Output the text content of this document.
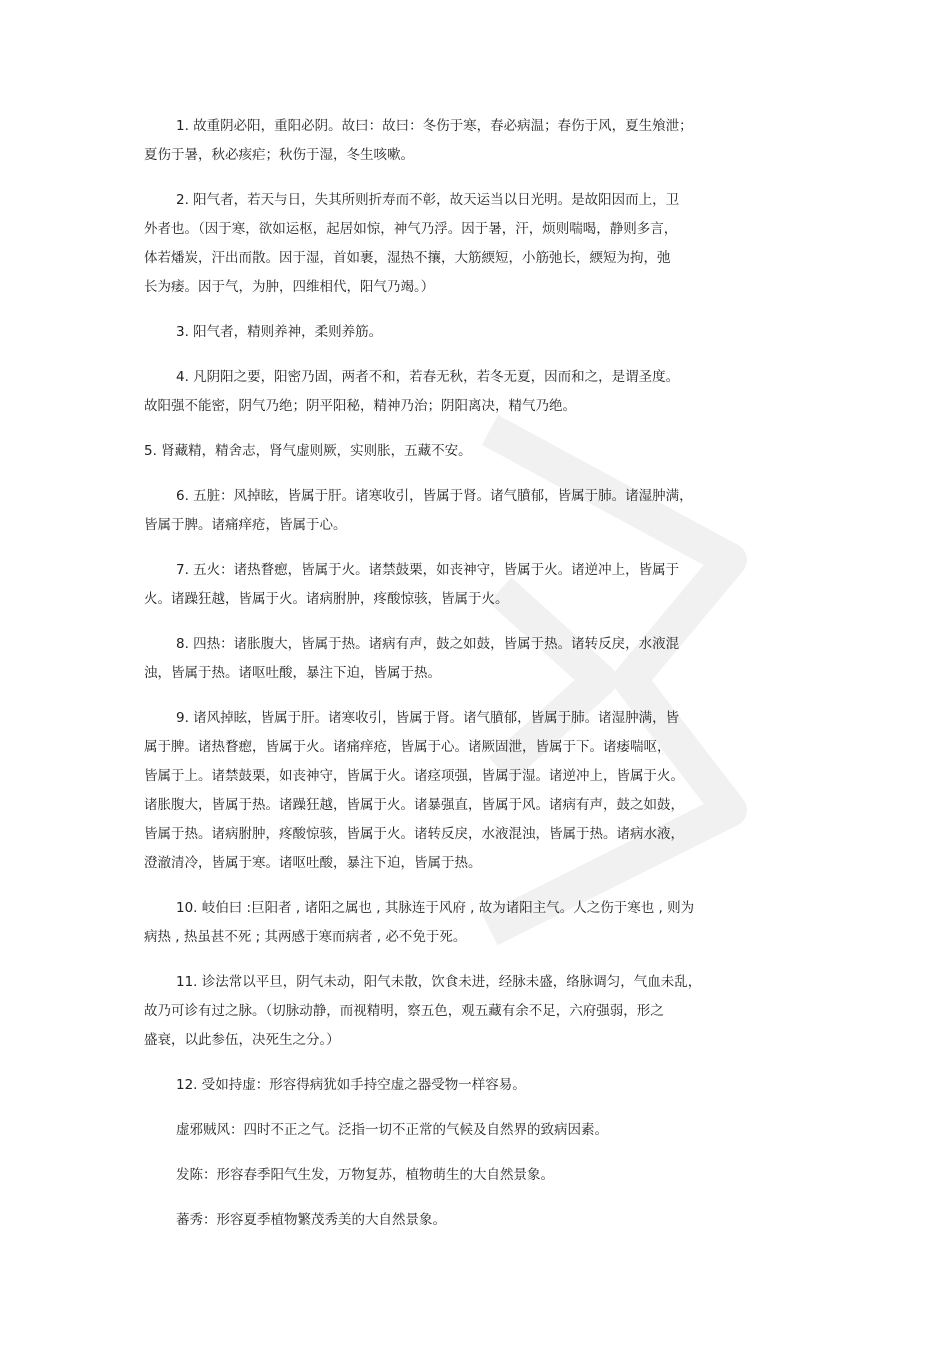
1. 故重阴必阳，重阳必阴。故曰：故曰：冬伤于寒，春必病温；春伤于风，夏生飧泄；
夏伤于暑，秋必痎疟；秋伤于湿，冬生咳嗽。
2. 阳气者，若天与日，失其所则折寿而不彰，故天运当以日光明。是故阳因而上，卫
外者也。（因于寒，欲如运枢，起居如惊，神气乃浮。因于暑，汗，烦则喘喝，静则多言，
体若燔炭，汗出而散。因于湿，首如裹，湿热不攘，大筋緛短，小筋弛长，緛短为拘，弛
长为痿。因于气，为肿，四维相代，阳气乃竭。）
3. 阳气者，精则养神，柔则养筋。
4. 凡阴阳之要，阳密乃固，两者不和，若春无秋，若冬无夏，因而和之，是谓圣度。
故阳强不能密，阴气乃绝；阴平阳秘，精神乃治；阴阳离决，精气乃绝。
5. 肾藏精，精舍志，肾气虚则厥，实则胀，五藏不安。
6. 五脏：风掉眩，皆属于肝。诸寒收引，皆属于肾。诸气膹郁，皆属于肺。诸湿肿满，
皆属于脾。诸痛痒疮，皆属于心。
7. 五火：诸热瞀瘛，皆属于火。诸禁鼓栗，如丧神守，皆属于火。诸逆冲上，皆属于
火。诸躁狂越，皆属于火。诸病胕肿，疼酸惊骇，皆属于火。
8. 四热：诸胀腹大，皆属于热。诸病有声，鼓之如鼓，皆属于热。诸转反戾，水液混
浊，皆属于热。诸呕吐酸，暴注下迫，皆属于热。
9. 诸风掉眩，皆属于肝。诸寒收引，皆属于肾。诸气膹郁，皆属于肺。诸湿肿满，皆
属于脾。诸热瞀瘛，皆属于火。诸痛痒疮，皆属于心。诸厥固泄，皆属于下。诸痿喘呕，
皆属于上。诸禁鼓栗，如丧神守，皆属于火。诸痉项强，皆属于湿。诸逆冲上，皆属于火。
诸胀腹大，皆属于热。诸躁狂越，皆属于火。诸暴强直，皆属于风。诸病有声，鼓之如鼓，
皆属于热。诸病胕肿，疼酸惊骇，皆属于火。诸转反戾，水液混浊，皆属于热。诸病水液，
澄澈清冷，皆属于寒。诸呕吐酸，暴注下迫，皆属于热。
10. 岐伯曰 :巨阳者 , 诸阳之属也 , 其脉连于风府 , 故为诸阳主气。人之伤于寒也 , 则为
病热 , 热虽甚不死 ; 其两感于寒而病者 , 必不免于死。
11. 诊法常以平旦，阴气未动，阳气未散，饮食未进，经脉未盛，络脉调匀，气血未乱，
故乃可诊有过之脉。（切脉动静，而视精明，察五色，观五藏有余不足，六府强弱，形之
盛衰，以此参伍，决死生之分。）
12. 受如持虚：形容得病犹如手持空虚之器受物一样容易。
虚邪贼风：四时不正之气。泛指一切不正常的气候及自然界的致病因素。
发陈：形容春季阳气生发，万物复苏，植物萌生的大自然景象。
蕃秀：形容夏季植物繁茂秀美的大自然景象。
